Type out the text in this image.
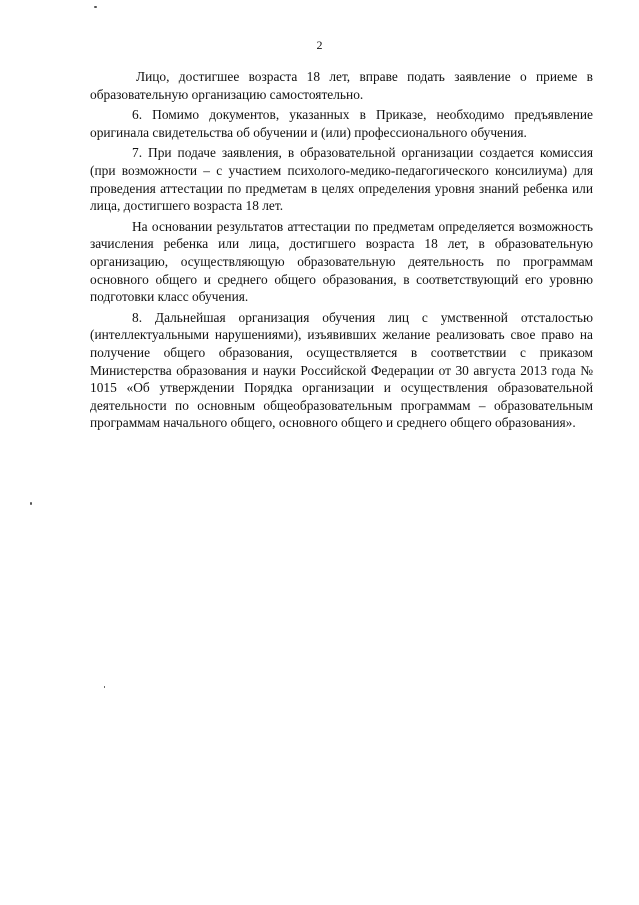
2

Лицо, достигшее возраста 18 лет, вправе подать заявление о приеме в образовательную организацию самостоятельно.

6. Помимо документов, указанных в Приказе, необходимо предъявление оригинала свидетельства об обучении и (или) профессионального обучения.

7. При подаче заявления, в образовательной организации создается комиссия (при возможности – с участием психолого-медико-педагогического консилиума) для проведения аттестации по предметам в целях определения уровня знаний ребенка или лица, достигшего возраста 18 лет.

На основании результатов аттестации по предметам определяется возможность зачисления ребенка или лица, достигшего возраста 18 лет, в образовательную организацию, осуществляющую образовательную деятельность по программам основного общего и среднего общего образования, в соответствующий его уровню подготовки класс обучения.

8. Дальнейшая организация обучения лиц с умственной отсталостью (интеллектуальными нарушениями), изъявивших желание реализовать свое право на получение общего образования, осуществляется в соответствии с приказом Министерства образования и науки Российской Федерации от 30 августа 2013 года № 1015 «Об утверждении Порядка организации и осуществления образовательной деятельности по основным общеобразовательным программам – образовательным программам начального общего, основного общего и среднего общего образования».
